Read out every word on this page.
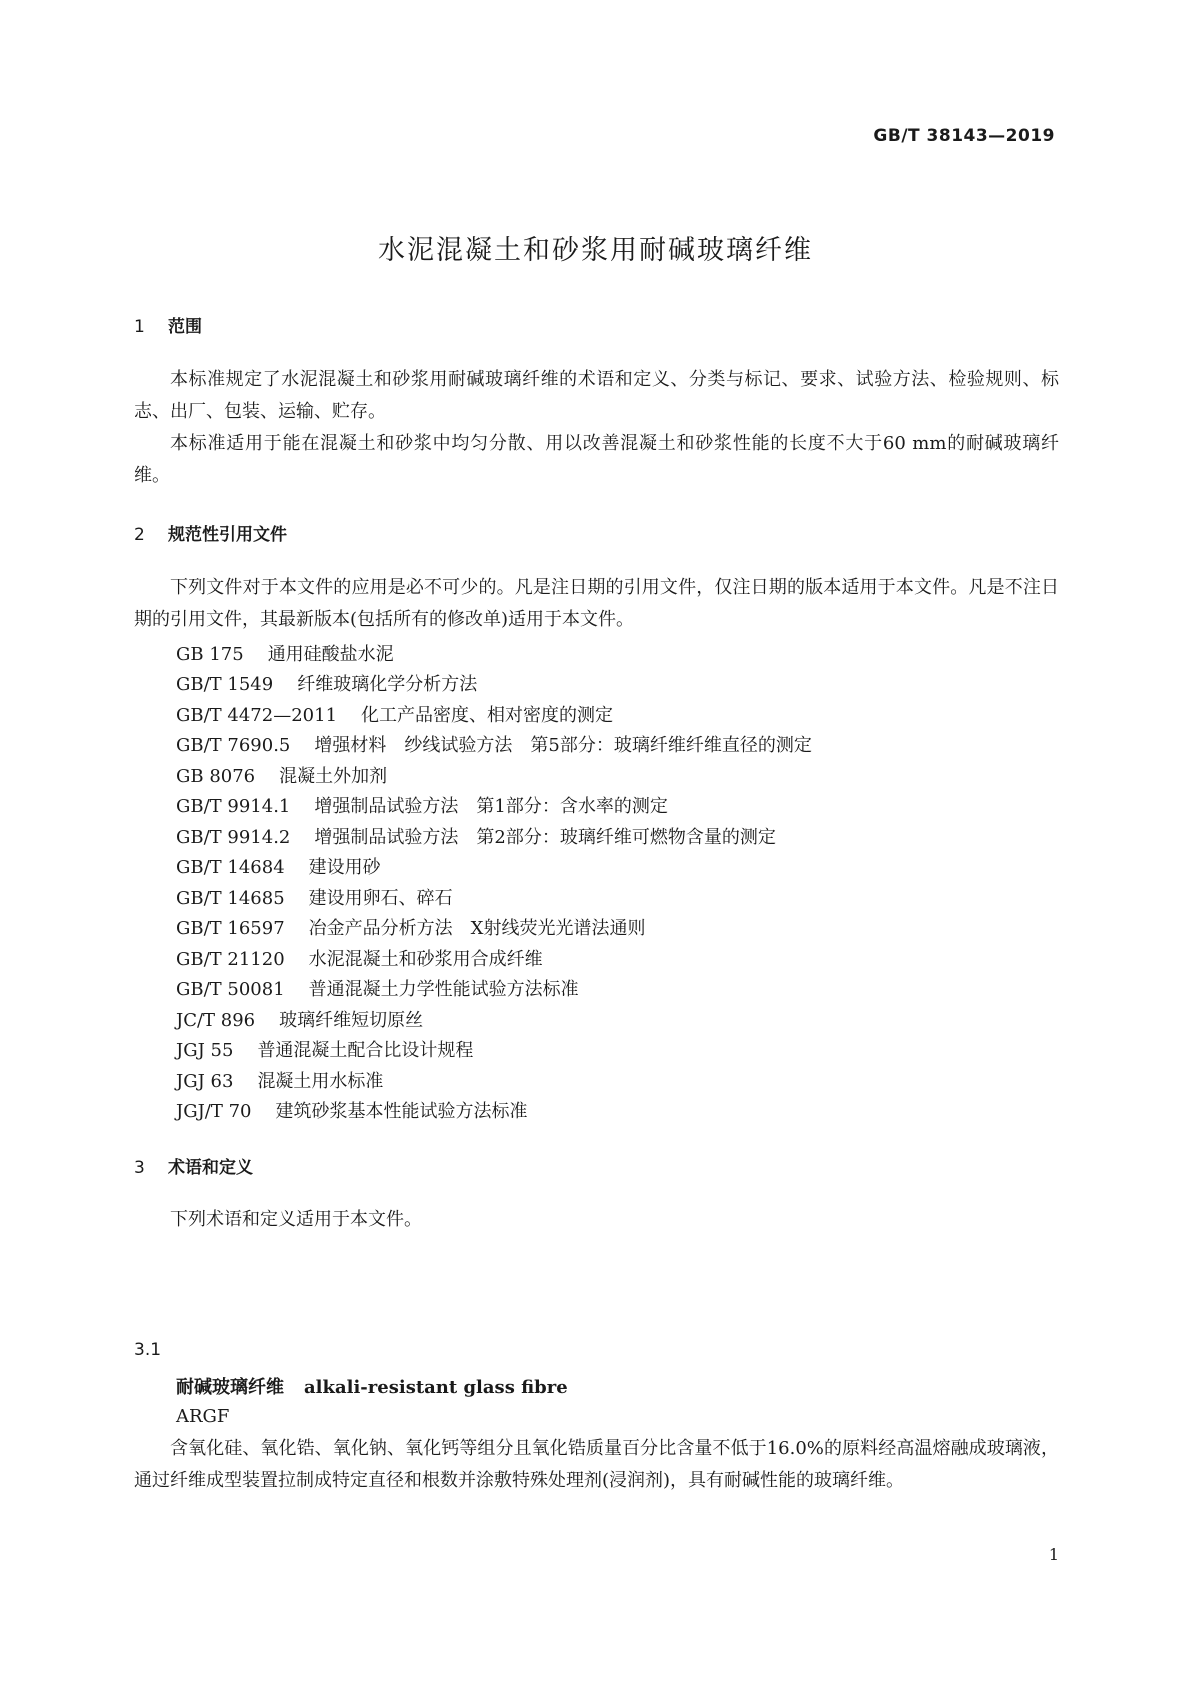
GB/T 38143—2019
水泥混凝土和砂浆用耐碱玻璃纤维
1 范围

本标准规定了水泥混凝土和砂浆用耐碱玻璃纤维的术语和定义、分类与标记、要求、试验方法、检验规则、标志、出厂、包装、运输、贮存。

本标准适用于能在混凝土和砂浆中均匀分散、用以改善混凝土和砂浆性能的长度不大于60 mm的耐碱玻璃纤维。

2 规范性引用文件

下列文件对于本文件的应用是必不可少的。凡是注日期的引用文件，仅注日期的版本适用于本文件。凡是不注日期的引用文件，其最新版本(包括所有的修改单)适用于本文件。

GB 175 通用硅酸盐水泥
GB/T 1549 纤维玻璃化学分析方法
GB/T 4472—2011 化工产品密度、相对密度的测定
GB/T 7690.5 增强材料　纱线试验方法　第5部分：玻璃纤维纤维直径的测定
GB 8076 混凝土外加剂
GB/T 9914.1 增强制品试验方法　第1部分：含水率的测定
GB/T 9914.2 增强制品试验方法　第2部分：玻璃纤维可燃物含量的测定
GB/T 14684 建设用砂
GB/T 14685 建设用卵石、碎石
GB/T 16597 冶金产品分析方法　X射线荧光光谱法通则
GB/T 21120 水泥混凝土和砂浆用合成纤维
GB/T 50081 普通混凝土力学性能试验方法标准
JC/T 896 玻璃纤维短切原丝
JGJ 55 普通混凝土配合比设计规程
JGJ 63 混凝土用水标准
JGJ/T 70 建筑砂浆基本性能试验方法标准
3 术语和定义

下列术语和定义适用于本文件。

3.1
耐碱玻璃纤维 alkali-resistant glass fibre
ARGF

含氧化硅、氧化锆、氧化钠、氧化钙等组分且氧化锆质量百分比含量不低于16.0%的原料经高温熔融成玻璃液，通过纤维成型装置拉制成特定直径和根数并涂敷特殊处理剂(浸润剂)，具有耐碱性能的玻璃纤维。

1
